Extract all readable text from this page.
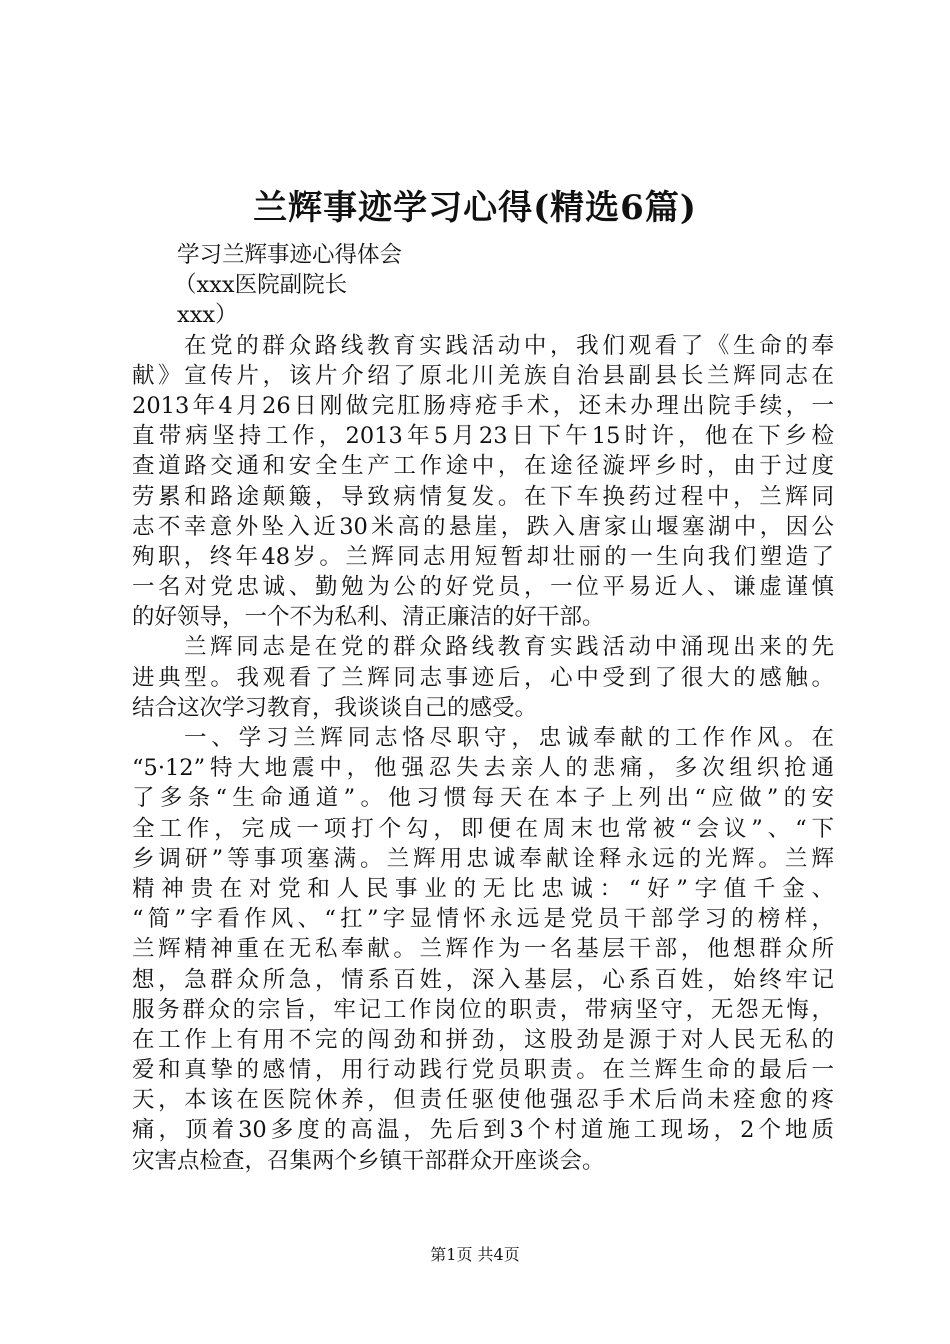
兰辉事迹学习心得(精选6篇)
学习兰辉事迹心得体会
（xxx医院副院长
xxx）
在党的群众路线教育实践活动中，我们观看了《生命的奉
献》宣传片，该片介绍了原北川羌族自治县副县长兰辉同志在
2013年4月26日刚做完肛肠痔疮手术，还未办理出院手续，一
直带病坚持工作，2013年5月23日下午15时许，他在下乡检
查道路交通和安全生产工作途中，在途径漩坪乡时，由于过度
劳累和路途颠簸，导致病情复发。在下车换药过程中，兰辉同
志不幸意外坠入近30米高的悬崖，跌入唐家山堰塞湖中，因公
殉职，终年48岁。兰辉同志用短暂却壮丽的一生向我们塑造了
一名对党忠诚、勤勉为公的好党员，一位平易近人、谦虚谨慎
的好领导，一个不为私利、清正廉洁的好干部。
兰辉同志是在党的群众路线教育实践活动中涌现出来的先
进典型。我观看了兰辉同志事迹后，心中受到了很大的感触。
结合这次学习教育，我谈谈自己的感受。
一、学习兰辉同志恪尽职守，忠诚奉献的工作作风。在
“5·12”特大地震中，他强忍失去亲人的悲痛，多次组织抢通
了多条“生命通道”。他习惯每天在本子上列出“应做”的安
全工作，完成一项打个勾，即便在周末也常被“会议”、“下
乡调研”等事项塞满。兰辉用忠诚奉献诠释永远的光辉。兰辉
精神贵在对党和人民事业的无比忠诚：“好”字值千金、
“简”字看作风、“扛”字显情怀永远是党员干部学习的榜样，
兰辉精神重在无私奉献。兰辉作为一名基层干部，他想群众所
想，急群众所急，情系百姓，深入基层，心系百姓，始终牢记
服务群众的宗旨，牢记工作岗位的职责，带病坚守，无怨无悔，
在工作上有用不完的闯劲和拼劲，这股劲是源于对人民无私的
爱和真挚的感情，用行动践行党员职责。在兰辉生命的最后一
天，本该在医院休养，但责任驱使他强忍手术后尚未痊愈的疼
痛，顶着30多度的高温，先后到3个村道施工现场，2个地质
灾害点检查，召集两个乡镇干部群众开座谈会。
第1页 共4页
